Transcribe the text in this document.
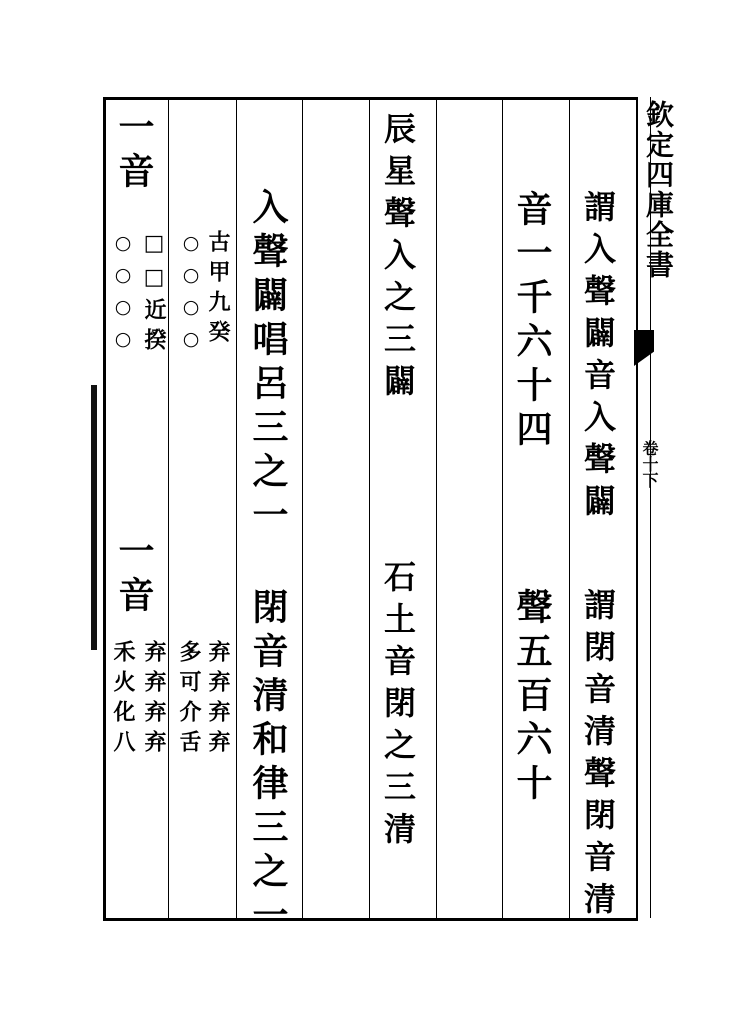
欽定四庫全書
卷十下
謂入聲闢音入聲闢
謂閉音清聲閉音清
音一千六十四
聲五百六十
辰星聲入之三闢
石土音閉之三清
入聲闢唱呂三之一
閉音清和律三之一
古甲九癸
弃弃弃弃
○○○○
多可介舌
□□近揆
弃弃弃弃
○○○○
禾火化八
一音
一音
